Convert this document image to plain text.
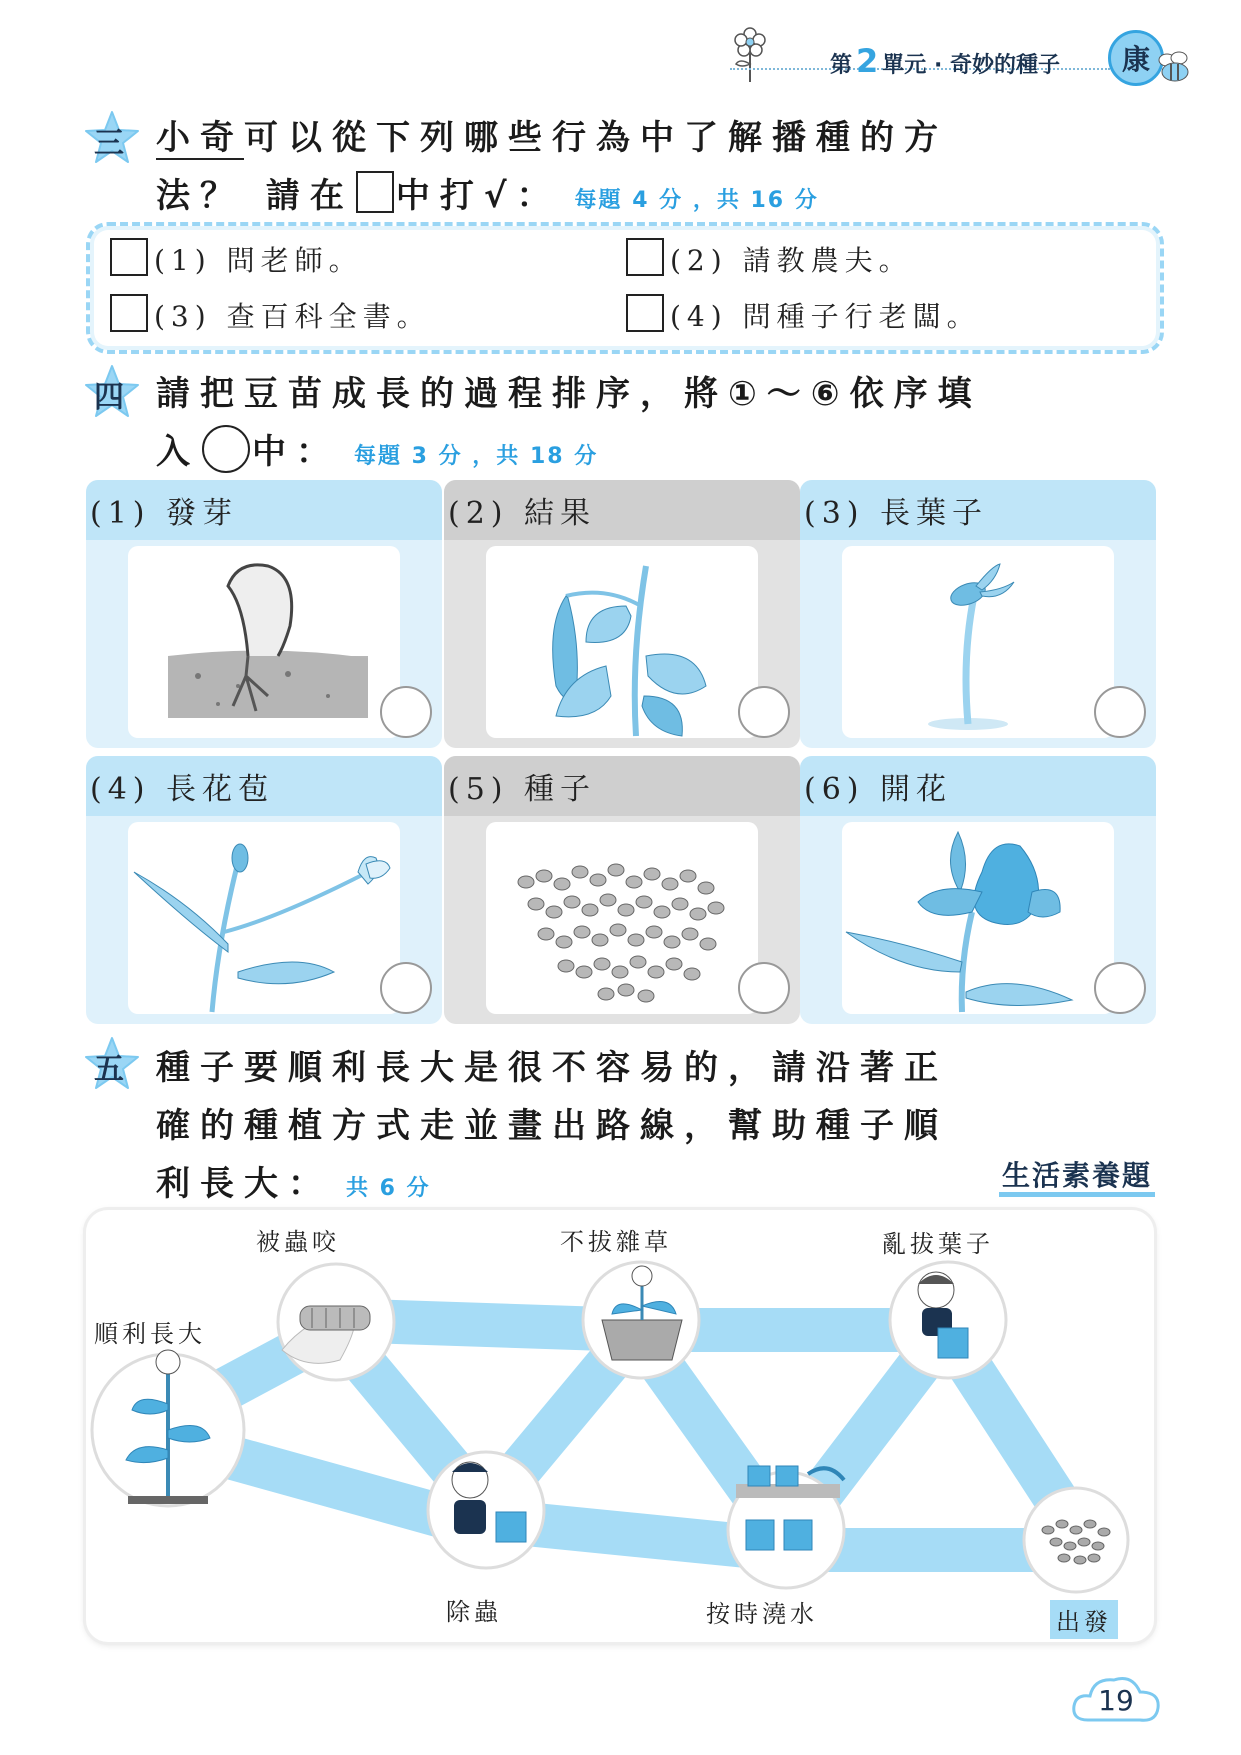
第 2 單元 · 奇妙的種子	康
三 小奇可以從下列哪些行為中了解播種的方
法？ 請在 中打√： 每題 4 分 ，共 16 分
(1) 問老師。	(2) 請教農夫。
(3) 查百科全書。	(4) 問種子行老闆。
四 請把豆苗成長的過程排序，將①～⑥依序填
入 中： 每題 3 分 ，共 18 分
(1) 發芽	(2) 結果	(3) 長葉子
(4) 長花苞	(5) 種子	(6) 開花
五 種子要順利長大是很不容易的，請沿著正
確的種植方式走並畫出路線，幫助種子順
利長大： 共 6 分	生活素養題
被蟲咬	不拔雜草	亂拔葉子
順利長大
除蟲	按時澆水	出發
19
